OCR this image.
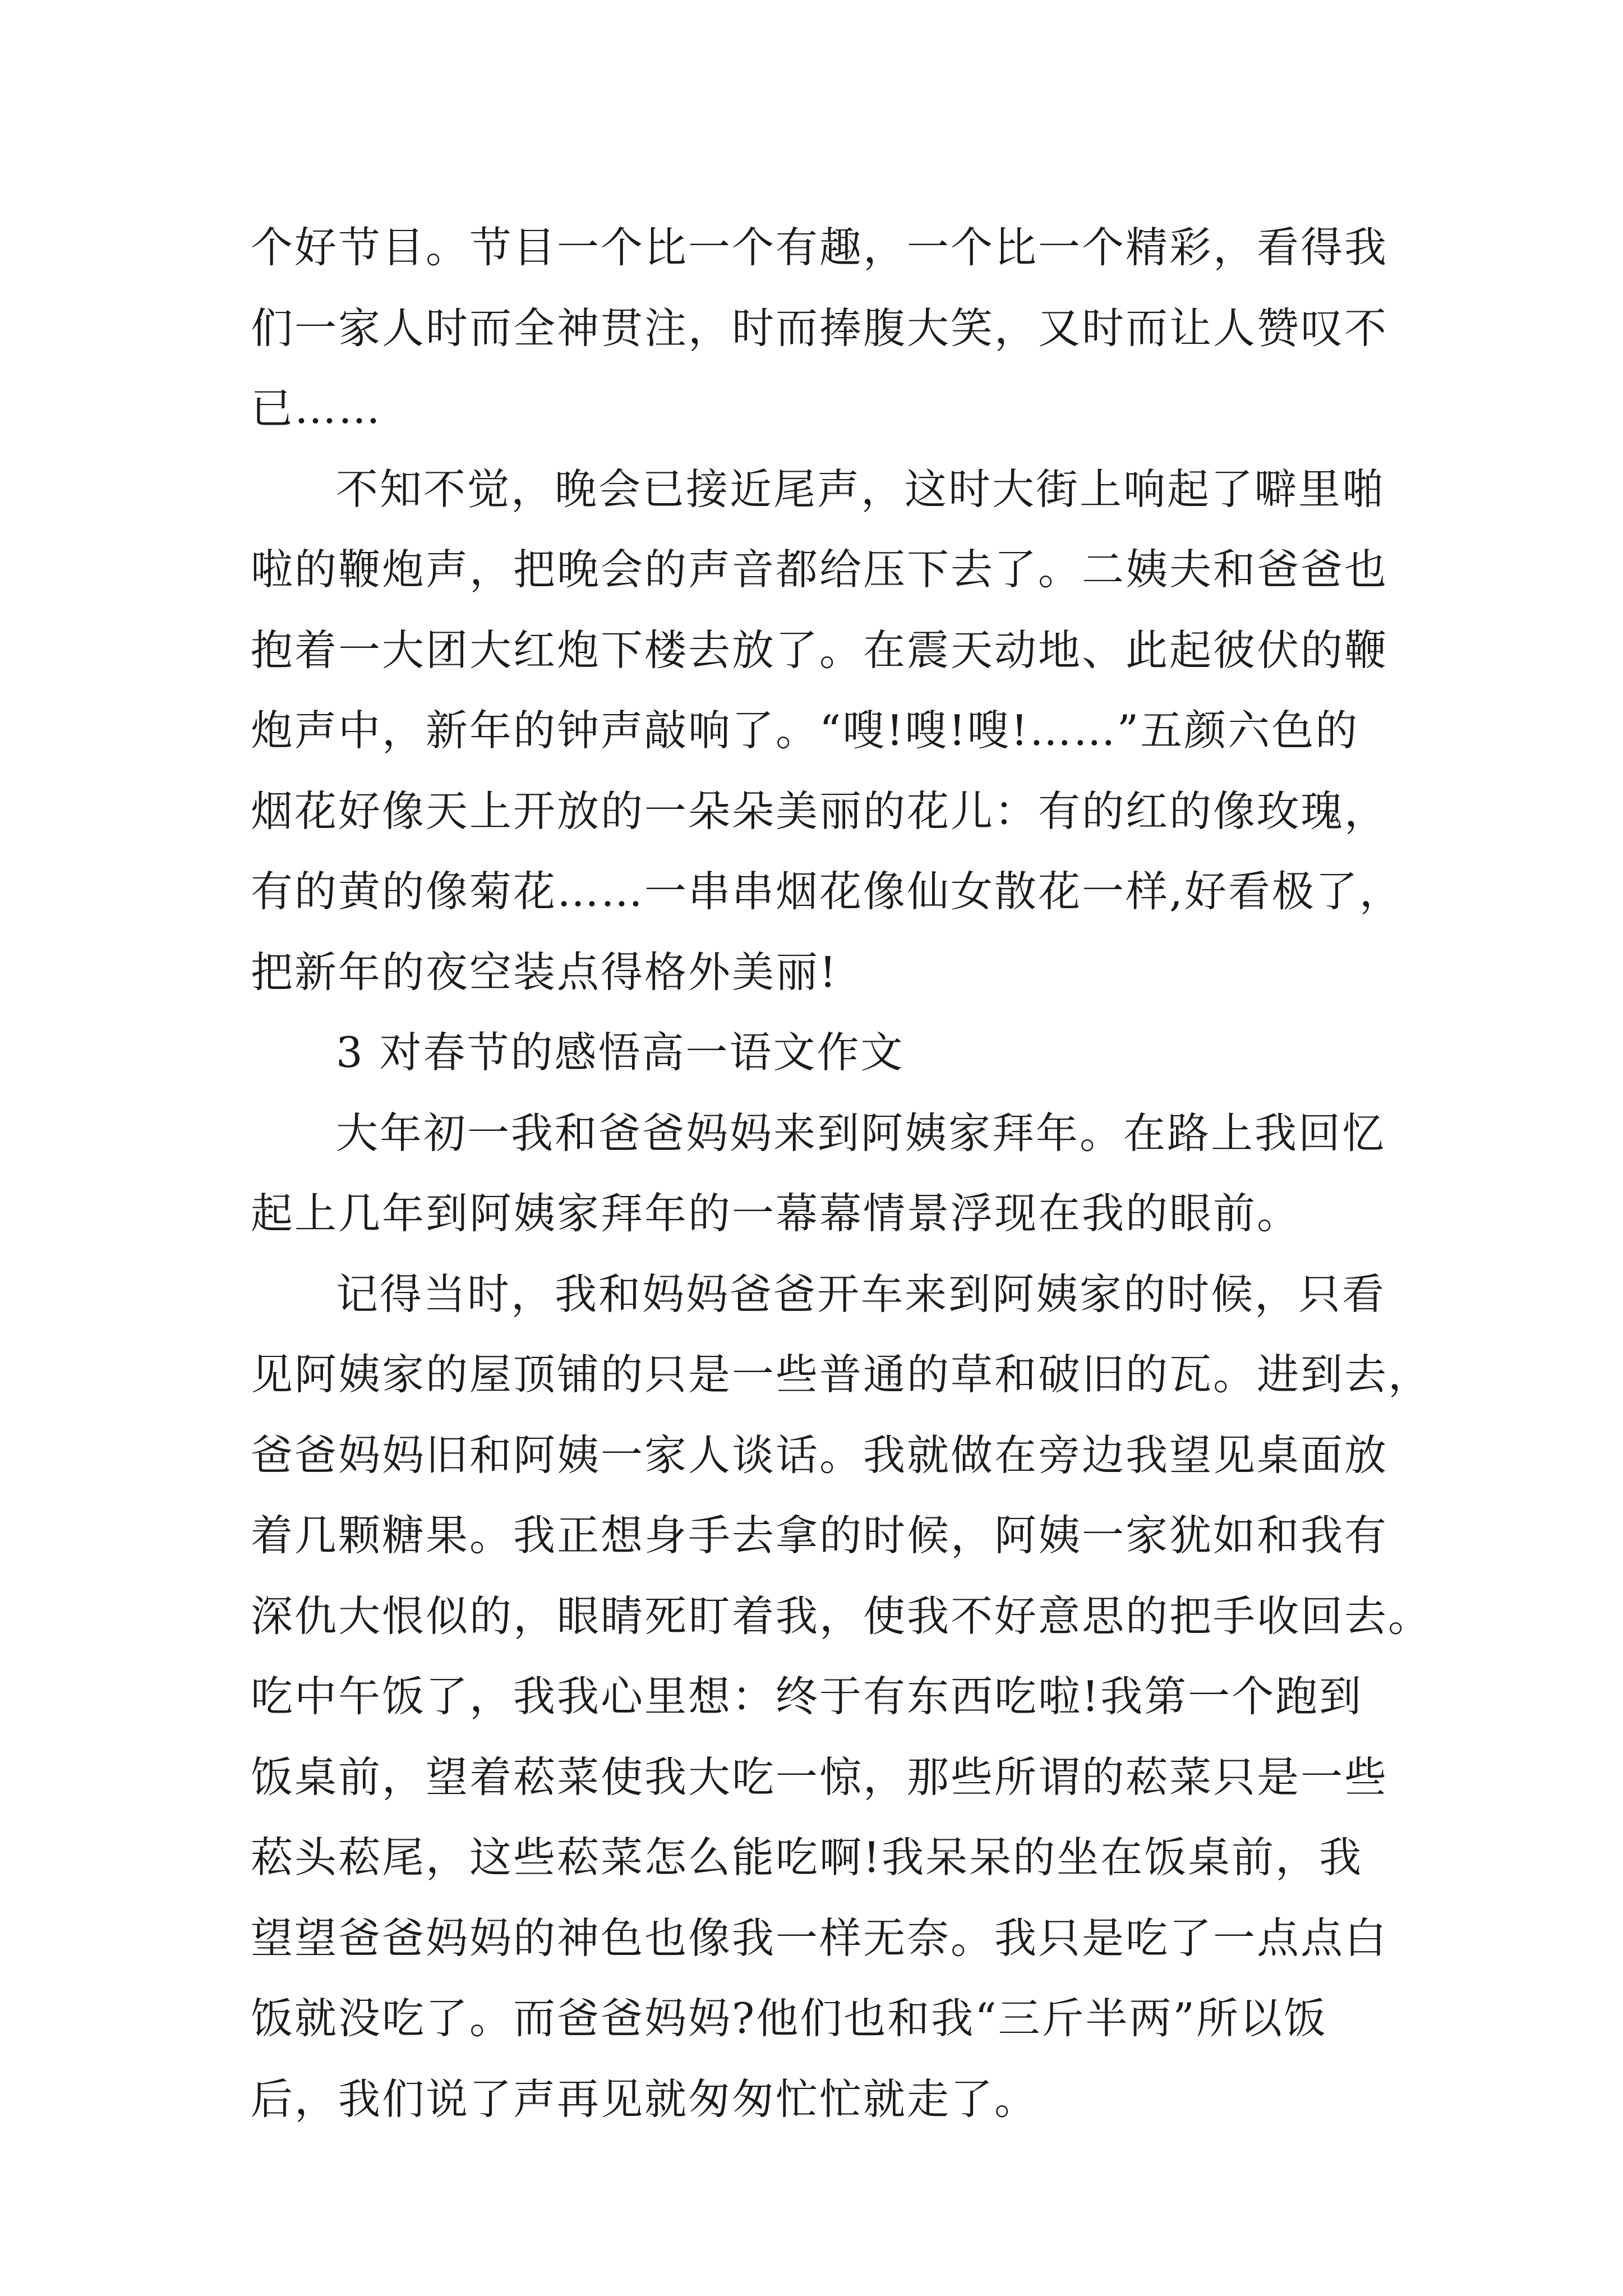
个好节目。节目一个比一个有趣，一个比一个精彩，看得我
们一家人时而全神贯注，时而捧腹大笑，又时而让人赞叹不
已……
不知不觉，晚会已接近尾声，这时大街上响起了噼里啪
啦的鞭炮声，把晚会的声音都给压下去了。二姨夫和爸爸也
抱着一大团大红炮下楼去放了。在震天动地、此起彼伏的鞭
炮声中，新年的钟声敲响了。“嗖!嗖!嗖!……”五颜六色的
烟花好像天上开放的一朵朵美丽的花儿：有的红的像玫瑰，
有的黄的像菊花……一串串烟花像仙女散花一样,好看极了，
把新年的夜空装点得格外美丽!
3 对春节的感悟高一语文作文
大年初一我和爸爸妈妈来到阿姨家拜年。在路上我回忆
起上几年到阿姨家拜年的一幕幕情景浮现在我的眼前。
记得当时，我和妈妈爸爸开车来到阿姨家的时候，只看
见阿姨家的屋顶铺的只是一些普通的草和破旧的瓦。进到去，
爸爸妈妈旧和阿姨一家人谈话。我就做在旁边我望见桌面放
着几颗糖果。我正想身手去拿的时候，阿姨一家犹如和我有
深仇大恨似的，眼睛死盯着我，使我不好意思的把手收回去。
吃中午饭了，我我心里想：终于有东西吃啦!我第一个跑到
饭桌前，望着菘菜使我大吃一惊，那些所谓的菘菜只是一些
菘头菘尾，这些菘菜怎么能吃啊!我呆呆的坐在饭桌前，我
望望爸爸妈妈的神色也像我一样无奈。我只是吃了一点点白
饭就没吃了。而爸爸妈妈?他们也和我“三斤半两”所以饭
后，我们说了声再见就匆匆忙忙就走了。
